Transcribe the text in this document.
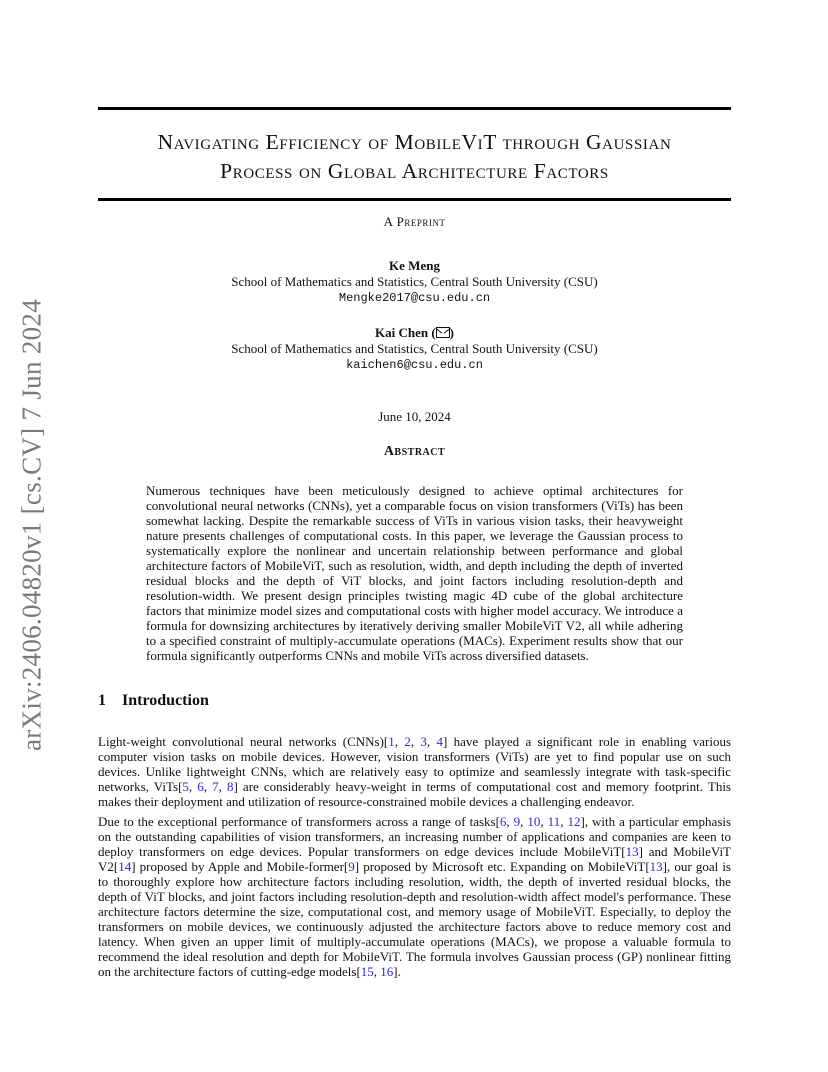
arXiv:2406.04820v1 [cs.CV] 7 Jun 2024
Navigating Efficiency of MobileViT through Gaussian
Process on Global Architecture Factors
A Preprint
Ke Meng
School of Mathematics and Statistics, Central South University (CSU)
Mengke2017@csu.edu.cn
Kai Chen ( )
School of Mathematics and Statistics, Central South University (CSU)
kaichen6@csu.edu.cn
June 10, 2024
Abstract
Numerous techniques have been meticulously designed to achieve optimal architectures for convolutional neural networks (CNNs), yet a comparable focus on vision transformers (ViTs) has been somewhat lacking. Despite the remarkable success of ViTs in various vision tasks, their heavyweight nature presents challenges of computational costs. In this paper, we leverage the Gaussian process to systematically explore the nonlinear and uncertain relationship between performance and global architecture factors of MobileViT, such as resolution, width, and depth including the depth of inverted residual blocks and the depth of ViT blocks, and joint factors including resolution-depth and resolution-width. We present design principles twisting magic 4D cube of the global architecture factors that minimize model sizes and computational costs with higher model accuracy. We introduce a formula for downsizing architectures by iteratively deriving smaller MobileViT V2, all while adhering to a specified constraint of multiply-accumulate operations (MACs). Experiment results show that our formula significantly outperforms CNNs and mobile ViTs across diversified datasets.
1 Introduction

Light-weight convolutional neural networks (CNNs)[1, 2, 3, 4] have played a significant role in enabling various computer vision tasks on mobile devices. However, vision transformers (ViTs) are yet to find popular use on such devices. Unlike lightweight CNNs, which are relatively easy to optimize and seamlessly integrate with task-specific networks, ViTs[5, 6, 7, 8] are considerably heavy-weight in terms of computational cost and memory footprint. This makes their deployment and utilization of resource-constrained mobile devices a challenging endeavor.

Due to the exceptional performance of transformers across a range of tasks[6, 9, 10, 11, 12], with a particular emphasis on the outstanding capabilities of vision transformers, an increasing number of applications and companies are keen to deploy transformers on edge devices. Popular transformers on edge devices include MobileViT[13] and MobileViT V2[14] proposed by Apple and Mobile-former[9] proposed by Microsoft etc. Expanding on MobileViT[13], our goal is to thoroughly explore how architecture factors including resolution, width, the depth of inverted residual blocks, the depth of ViT blocks, and joint factors including resolution-depth and resolution-width affect model's performance. These architecture factors determine the size, computational cost, and memory usage of MobileViT. Especially, to deploy the transformers on mobile devices, we continuously adjusted the architecture factors above to reduce memory cost and latency. When given an upper limit of multiply-accumulate operations (MACs), we propose a valuable formula to recommend the ideal resolution and depth for MobileViT. The formula involves Gaussian process (GP) nonlinear fitting on the architecture factors of cutting-edge models[15, 16].
